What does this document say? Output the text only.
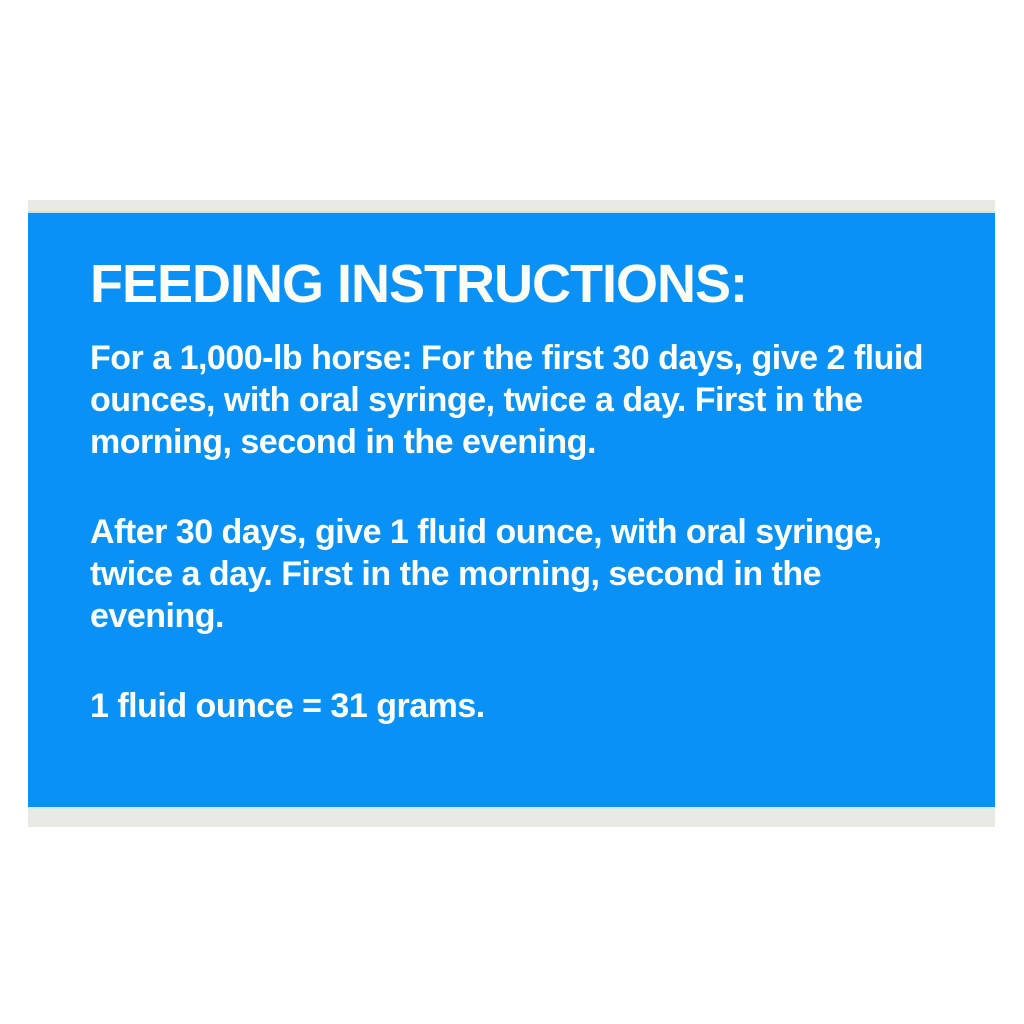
FEEDING INSTRUCTIONS:

For a 1,000-lb horse: For the first 30 days, give 2 fluid ounces, with oral syringe, twice a day. First in the morning, second in the evening.

After 30 days, give 1 fluid ounce, with oral syringe, twice a day. First in the morning, second in the evening.

1 fluid ounce = 31 grams.
